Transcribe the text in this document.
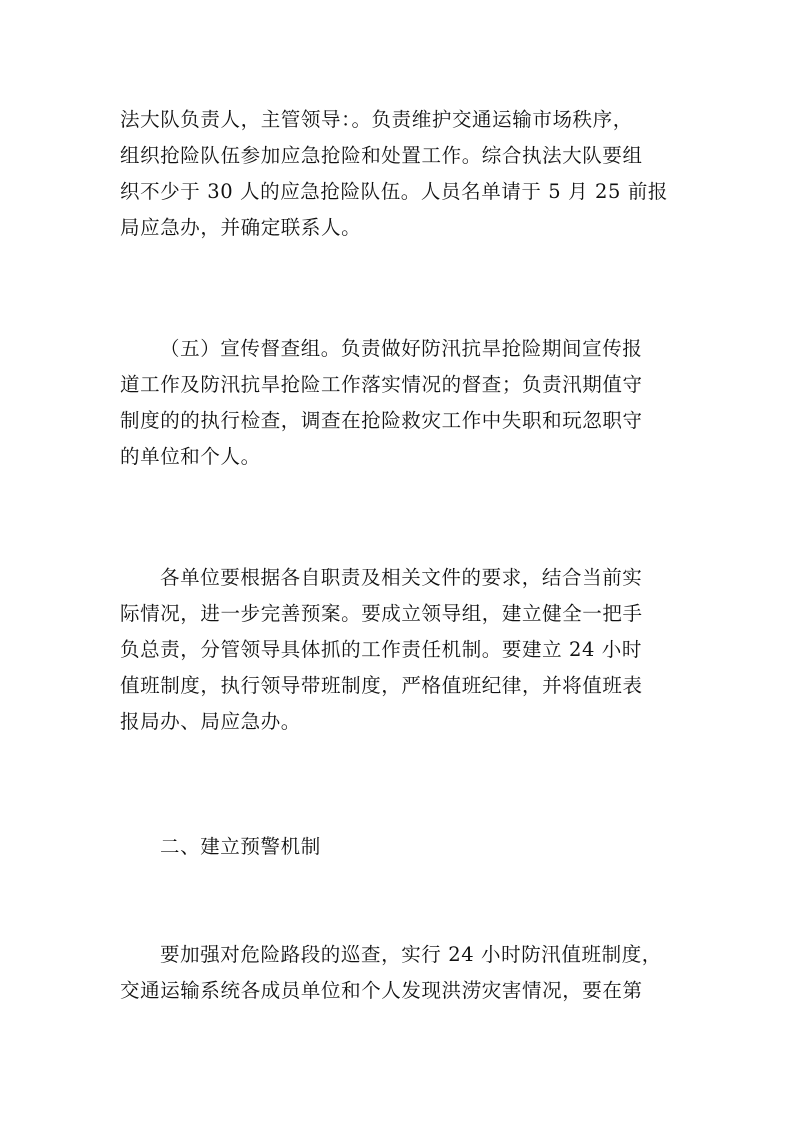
法大队负责人，主管领导：。负责维护交通运输市场秩序，
组织抢险队伍参加应急抢险和处置工作。综合执法大队要组
织不少于 30 人的应急抢险队伍。人员名单请于 5 月 25 前报
局应急办，并确定联系人。

（五）宣传督查组。负责做好防汛抗旱抢险期间宣传报
道工作及防汛抗旱抢险工作落实情况的督查；负责汛期值守
制度的的执行检查，调查在抢险救灾工作中失职和玩忽职守
的单位和个人。

各单位要根据各自职责及相关文件的要求，结合当前实
际情况，进一步完善预案。要成立领导组，建立健全一把手
负总责，分管领导具体抓的工作责任机制。要建立 24 小时
值班制度，执行领导带班制度，严格值班纪律，并将值班表
报局办、局应急办。

二、建立预警机制

要加强对危险路段的巡查，实行 24 小时防汛值班制度，
交通运输系统各成员单位和个人发现洪涝灾害情况，要在第
